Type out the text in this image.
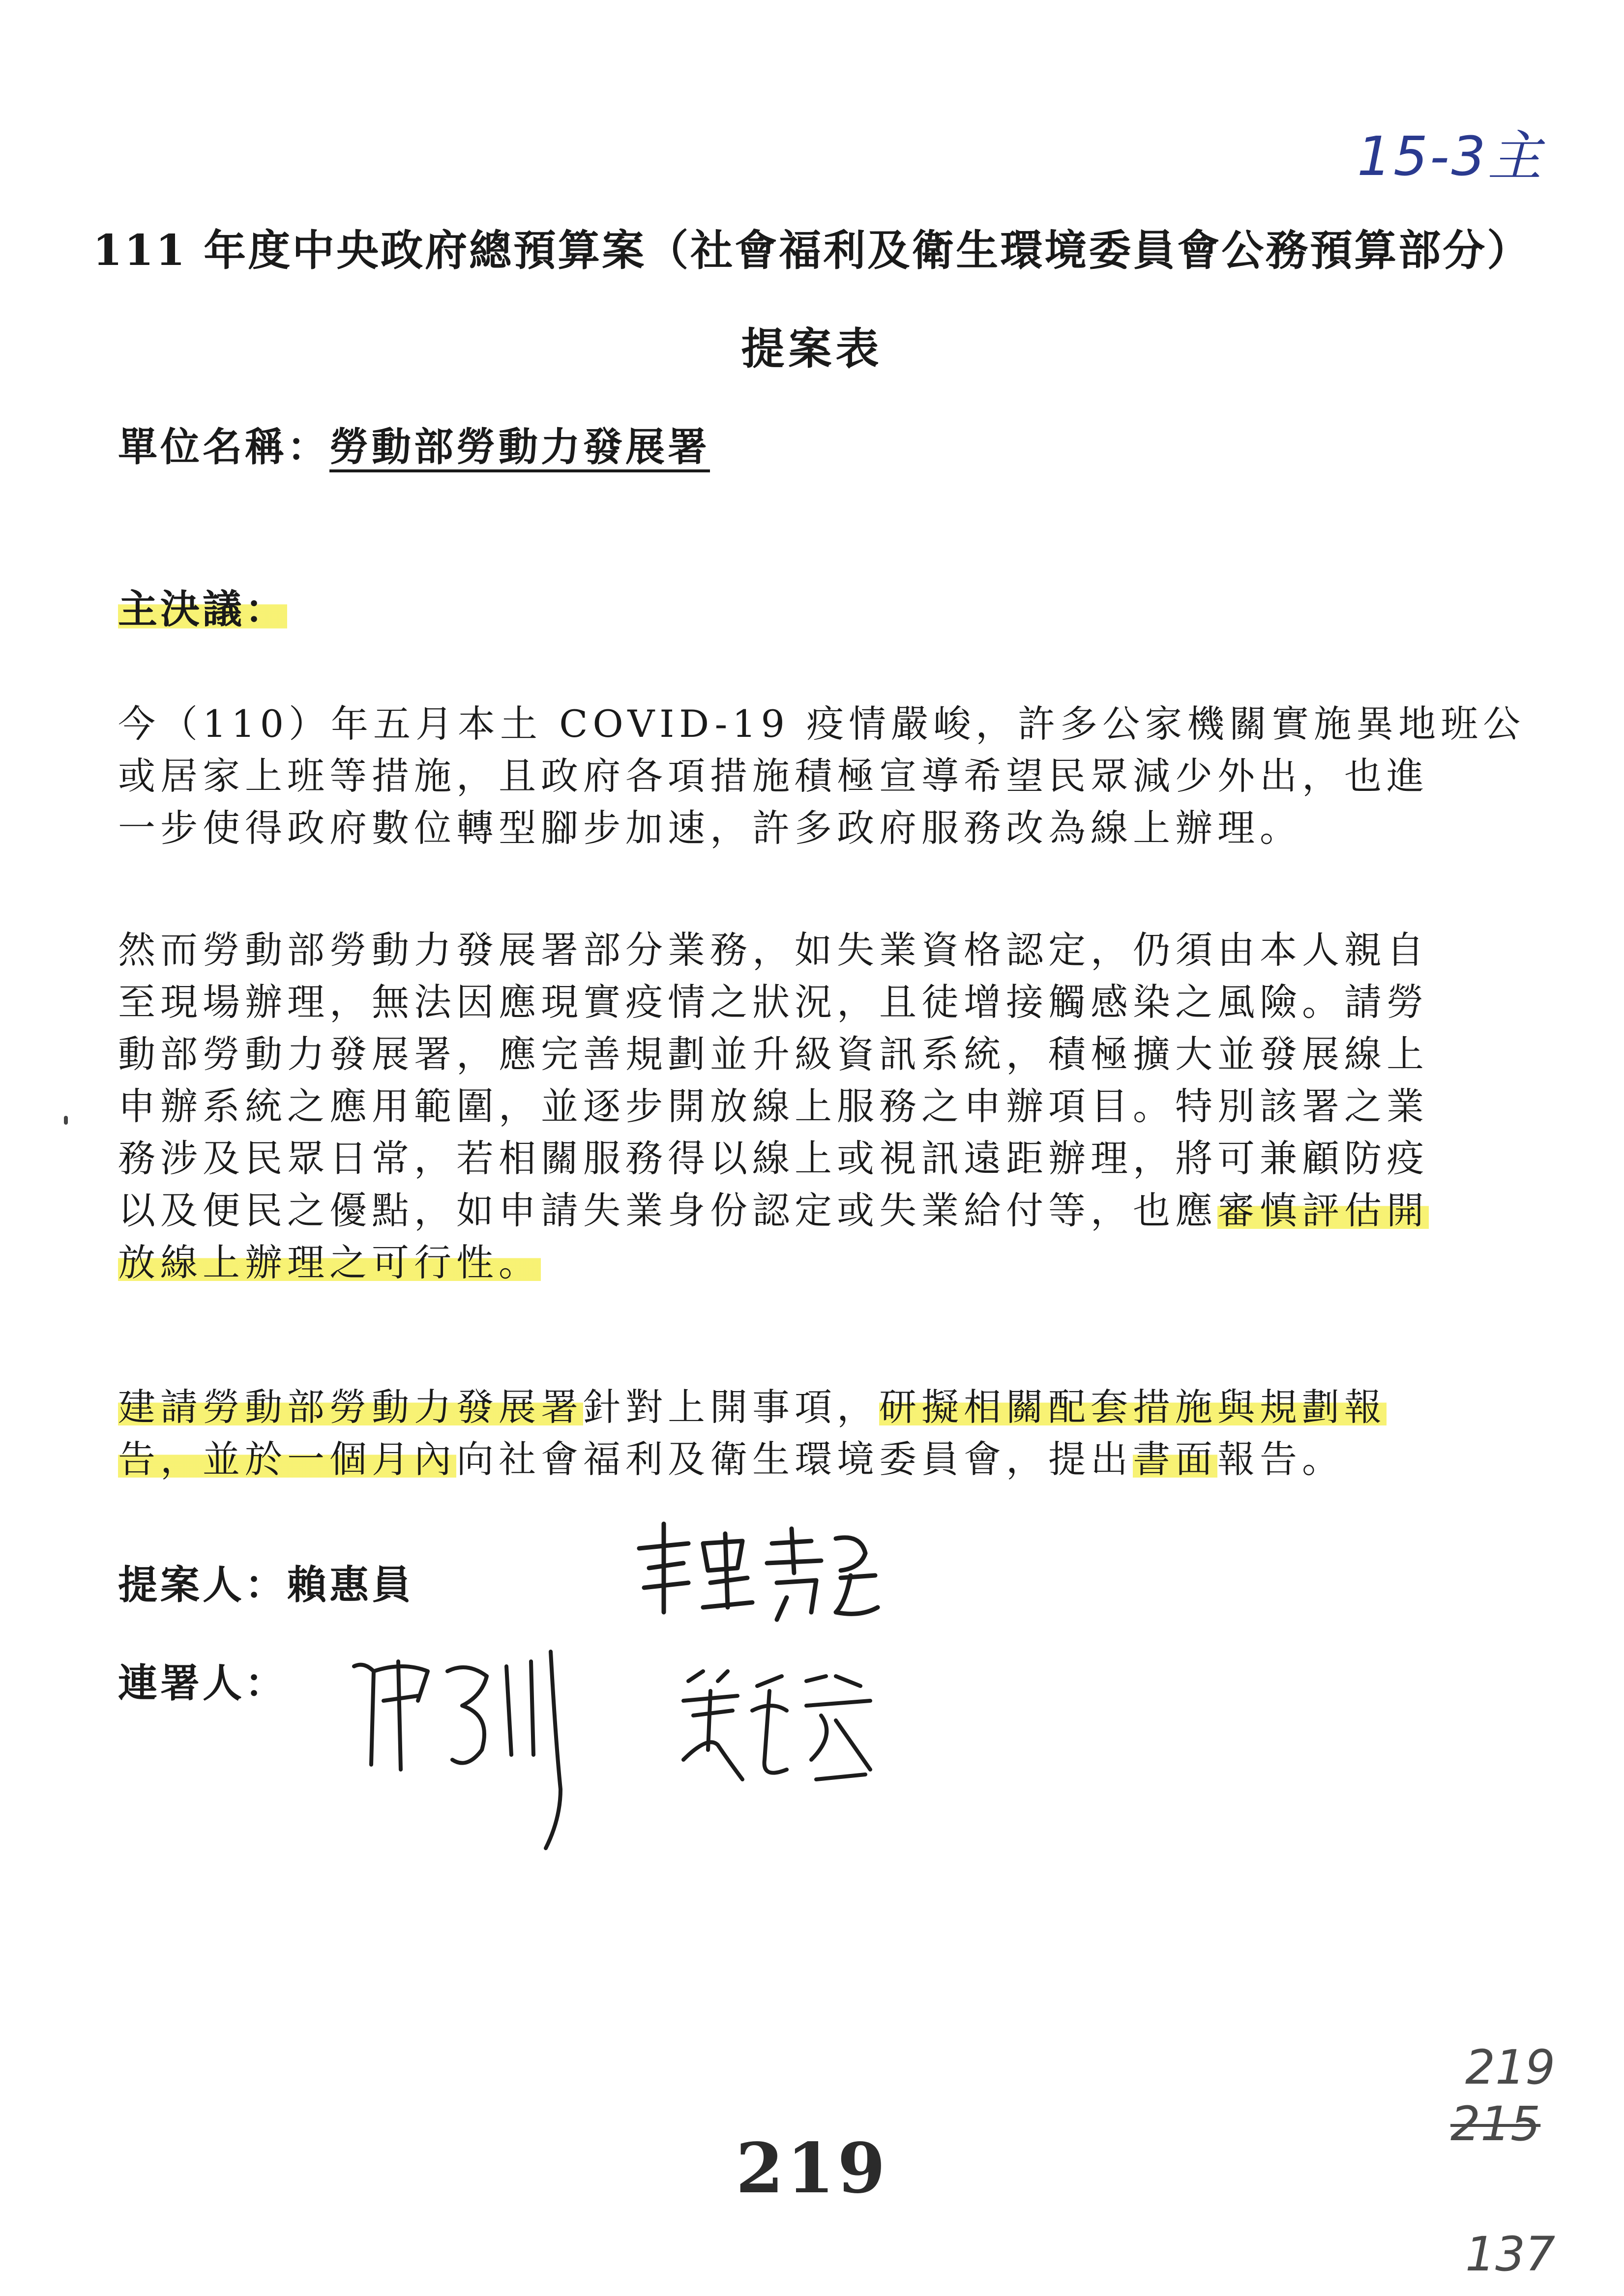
15-3主
111 年度中央政府總預算案（社會福利及衛生環境委員會公務預算部分）
提案表
單位名稱：勞動部勞動力發展署
主決議：
今（110）年五月本土 COVID-19 疫情嚴峻，許多公家機關實施異地班公
或居家上班等措施，且政府各項措施積極宣導希望民眾減少外出，也進
一步使得政府數位轉型腳步加速，許多政府服務改為線上辦理。
然而勞動部勞動力發展署部分業務，如失業資格認定，仍須由本人親自
至現場辦理，無法因應現實疫情之狀況，且徒增接觸感染之風險。請勞
動部勞動力發展署，應完善規劃並升級資訊系統，積極擴大並發展線上
申辦系統之應用範圍，並逐步開放線上服務之申辦項目。特別該署之業
務涉及民眾日常，若相關服務得以線上或視訊遠距辦理，將可兼顧防疫
以及便民之優點，如申請失業身份認定或失業給付等，也應審慎評估開
放線上辦理之可行性。
建請勞動部勞動力發展署針對上開事項，研擬相關配套措施與規劃報
告，並於一個月內向社會福利及衛生環境委員會，提出書面報告。
提案人：賴惠員
連署人：
219
219
215
137
